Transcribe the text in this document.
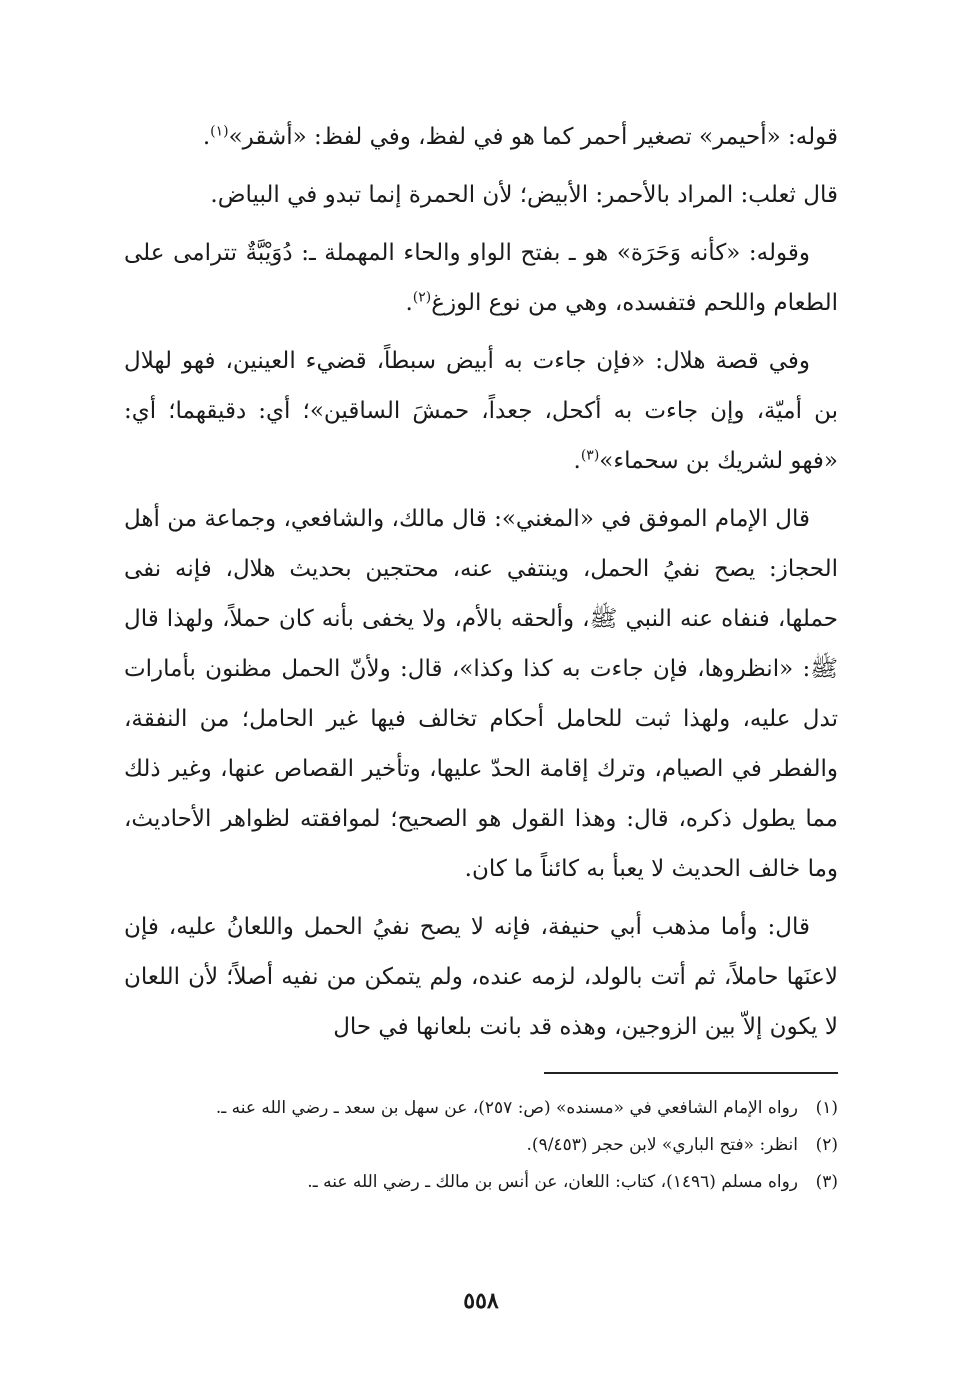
قوله: «أحيمر» تصغير أحمر كما هو في لفظ، وفي لفظ: «أشقر»$^{(١)}$.

قال ثعلب: المراد بالأحمر: الأبيض؛ لأن الحمرة إنما تبدو في البياض.

وقوله: «كأنه وَحَرَة» هو ـ بفتح الواو والحاء المهملة ـ: دُوَيْبَّةٌ تترامى على الطعام واللحم فتفسده، وهي من نوع الوزغ$^{(٢)}$.

وفي قصة هلال: «فإن جاءت به أبيض سبطاً، قضيء العينين، فهو لهلال بن أميّة، وإن جاءت به أكحل، جعداً، حمشَ الساقين»؛ أي: دقيقهما؛ أي: «فهو لشريك بن سحماء»$^{(٣)}$.

قال الإمام الموفق في «المغني»: قال مالك، والشافعي، وجماعة من أهل الحجاز: يصح نفيُ الحمل، وينتفي عنه، محتجين بحديث هلال، فإنه نفى حملها، فنفاه عنه النبي ﷺ، وألحقه بالأم، ولا يخفى بأنه كان حملاً، ولهذا قال ﷺ: «انظروها، فإن جاءت به كذا وكذا»، قال: ولأنّ الحمل مظنون بأمارات تدل عليه، ولهذا ثبت للحامل أحكام تخالف فيها غير الحامل؛ من النفقة، والفطر في الصيام، وترك إقامة الحدّ عليها، وتأخير القصاص عنها، وغير ذلك مما يطول ذكره، قال: وهذا القول هو الصحيح؛ لموافقته لظواهر الأحاديث، وما خالف الحديث لا يعبأ به كائناً ما كان.

قال: وأما مذهب أبي حنيفة، فإنه لا يصح نفيُ الحمل واللعانُ عليه، فإن لاعنَها حاملاً، ثم أتت بالولد، لزمه عنده، ولم يتمكن من نفيه أصلاً؛ لأن اللعان لا يكون إلاّ بين الزوجين، وهذه قد بانت بلعانها في حال

(١)
رواه الإمام الشافعي في «مسنده» (ص: ٢٥٧)، عن سهل بن سعد ـ رضي الله عنه ـ.
(٢)
انظر: «فتح الباري» لابن حجر (٩/٤٥٣).
(٣)
رواه مسلم (١٤٩٦)، كتاب: اللعان، عن أنس بن مالك ـ رضي الله عنه ـ.
٥٥٨
